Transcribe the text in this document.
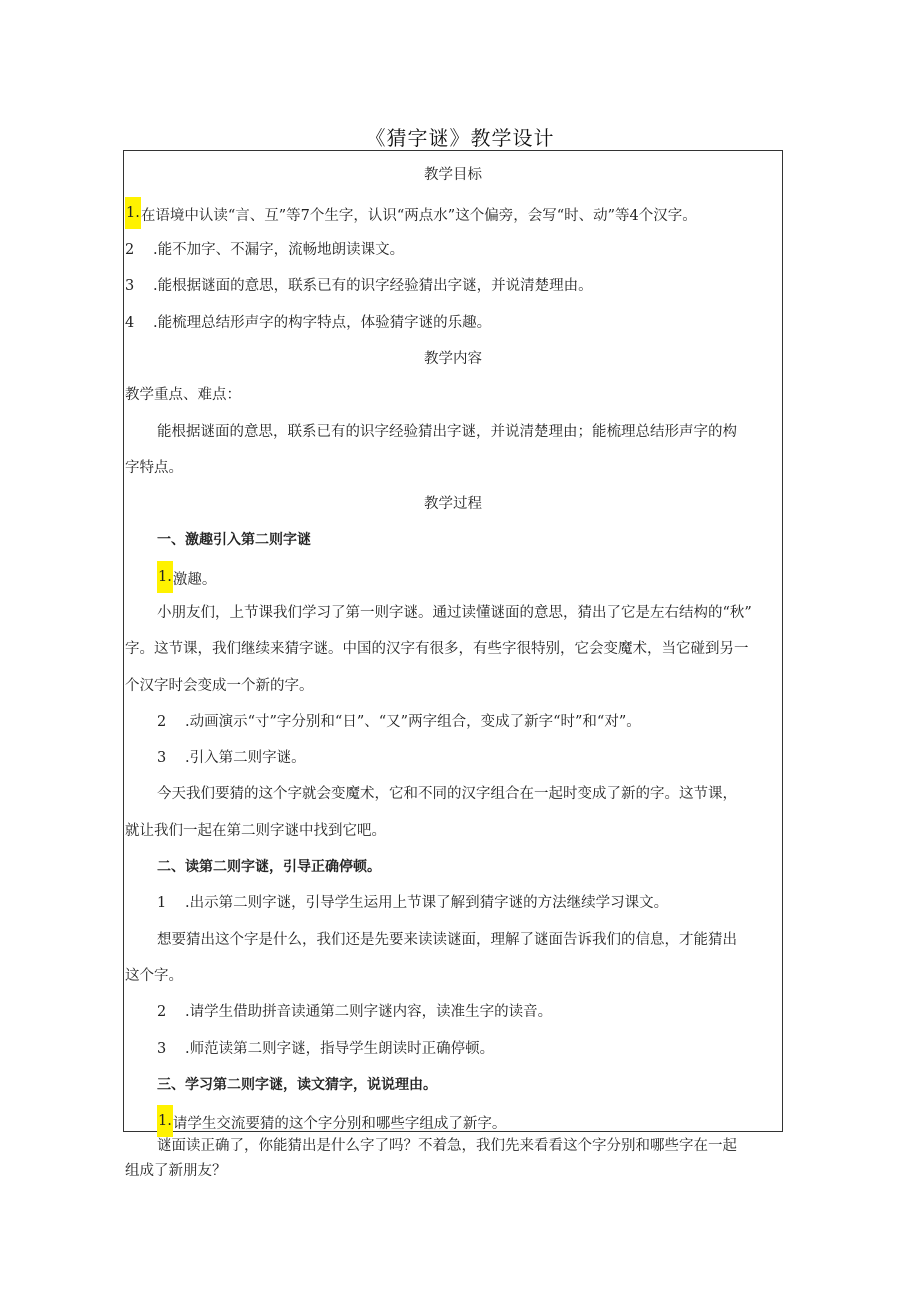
《猜字谜》教学设计
教学目标
1.在语境中认读“言、互”等7个生字，认识“两点水”这个偏旁，会写“时、动”等4个汉字。
2 .能不加字、不漏字，流畅地朗读课文。
3 .能根据谜面的意思，联系已有的识字经验猜出字谜，并说清楚理由。
4 .能梳理总结形声字的构字特点，体验猜字谜的乐趣。
教学内容
教学重点、难点：
能根据谜面的意思，联系已有的识字经验猜出字谜，并说清楚理由；能梳理总结形声字的构
字特点。
教学过程
一、激趣引入第二则字谜
1.激趣。
小朋友们，上节课我们学习了第一则字谜。通过读懂谜面的意思，猜出了它是左右结构的“秋”
字。这节课，我们继续来猜字谜。中国的汉字有很多，有些字很特别，它会变魔术，当它碰到另一
个汉字时会变成一个新的字。
2 .动画演示“寸”字分别和“日”、“又”两字组合，变成了新字“时”和“对”。
3 .引入第二则字谜。
今天我们要猜的这个字就会变魔术，它和不同的汉字组合在一起时变成了新的字。这节课，
就让我们一起在第二则字谜中找到它吧。
二、读第二则字谜，引导正确停顿。
1 .出示第二则字谜，引导学生运用上节课了解到猜字谜的方法继续学习课文。
想要猜出这个字是什么，我们还是先要来读读谜面，理解了谜面告诉我们的信息，才能猜出
这个字。
2 .请学生借助拼音读通第二则字谜内容，读准生字的读音。
3 .师范读第二则字谜，指导学生朗读时正确停顿。
三、学习第二则字谜，读文猜字，说说理由。
1.请学生交流要猜的这个字分别和哪些字组成了新字。
谜面读正确了，你能猜出是什么字了吗？不着急，我们先来看看这个字分别和哪些字在一起
组成了新朋友？
